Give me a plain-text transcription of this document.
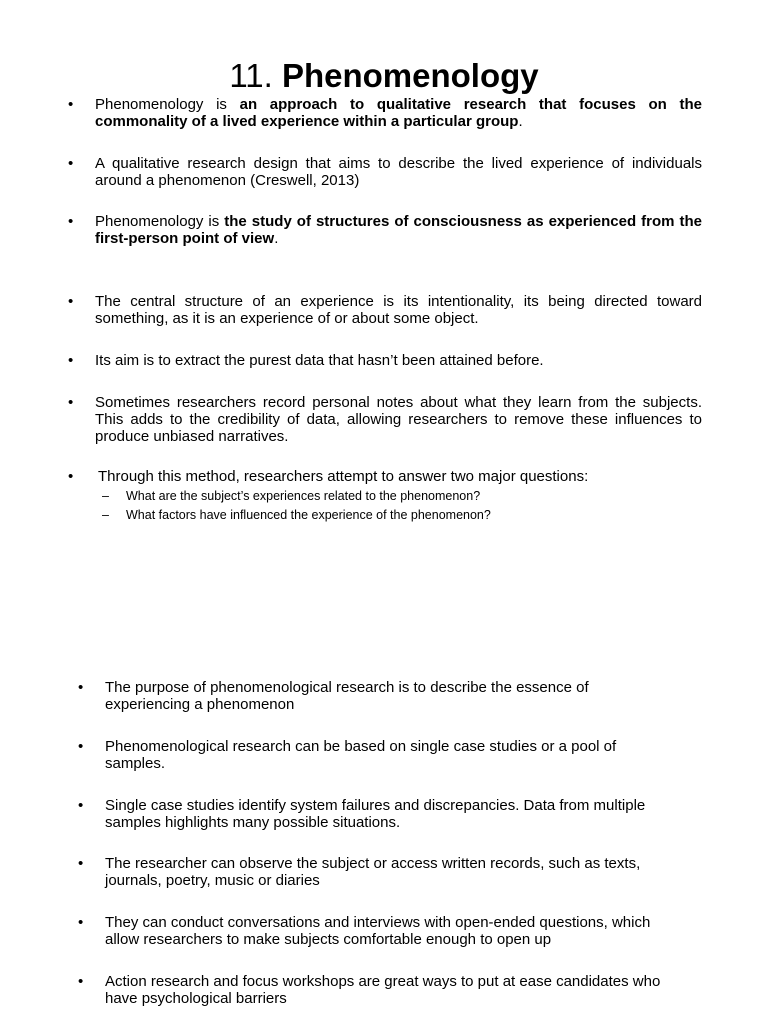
11. Phenomenology
• Phenomenology is an approach to qualitative research that focuses on the commonality of a lived experience within a particular group.
• A qualitative research design that aims to describe the lived experience of individuals around a phenomenon (Creswell, 2013)
• Phenomenology is the study of structures of consciousness as experienced from the first-person point of view.
• The central structure of an experience is its intentionality, its being directed toward something, as it is an experience of or about some object.
• Its aim is to extract the purest data that hasn’t been attained before.
• Sometimes researchers record personal notes about what they learn from the subjects. This adds to the credibility of data, allowing researchers to remove these influences to produce unbiased narratives.
• Through this method, researchers attempt to answer two major questions:
– What are the subject’s experiences related to the phenomenon?
– What factors have influenced the experience of the phenomenon?
• The purpose of phenomenological research is to describe the essence of experiencing a phenomenon
• Phenomenological research can be based on single case studies or a pool of samples.
• Single case studies identify system failures and discrepancies. Data from multiple samples highlights many possible situations.
• The researcher can observe the subject or access written records, such as texts, journals, poetry, music or diaries
• They can conduct conversations and interviews with open-ended questions, which allow researchers to make subjects comfortable enough to open up
• Action research and focus workshops are great ways to put at ease candidates who have psychological barriers
